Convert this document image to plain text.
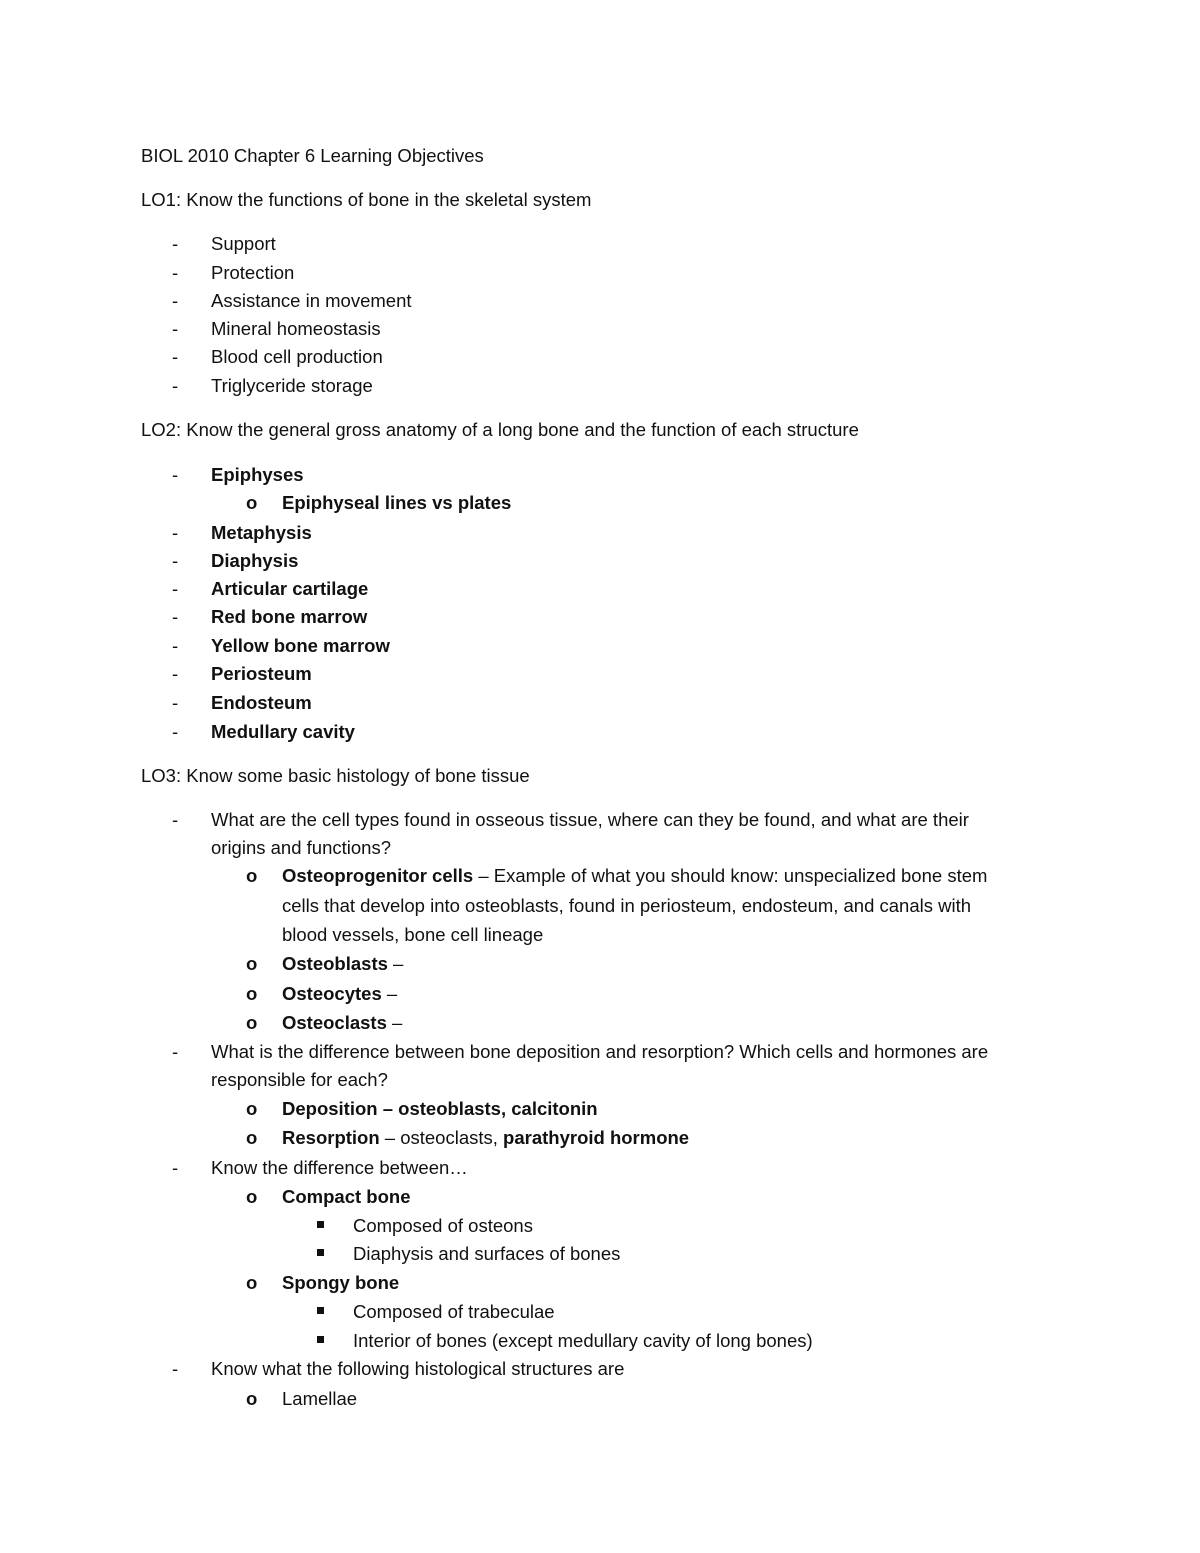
BIOL 2010 Chapter 6 Learning Objectives
LO1: Know the functions of bone in the skeletal system
- Support
- Protection
- Assistance in movement
- Mineral homeostasis
- Blood cell production
- Triglyceride storage
LO2: Know the general gross anatomy of a long bone and the function of each structure
- Epiphyses
o Epiphyseal lines vs plates
- Metaphysis
- Diaphysis
- Articular cartilage
- Red bone marrow
- Yellow bone marrow
- Periosteum
- Endosteum
- Medullary cavity
LO3: Know some basic histology of bone tissue
- What are the cell types found in osseous tissue, where can they be found, and what are their
origins and functions?
o Osteoprogenitor cells – Example of what you should know: unspecialized bone stem
cells that develop into osteoblasts, found in periosteum, endosteum, and canals with
blood vessels, bone cell lineage
o Osteoblasts –
o Osteocytes –
o Osteoclasts –
- What is the difference between bone deposition and resorption? Which cells and hormones are
responsible for each?
o Deposition – osteoblasts, calcitonin
o Resorption – osteoclasts, parathyroid hormone
- Know the difference between…
o Compact bone
Composed of osteons
Diaphysis and surfaces of bones
o Spongy bone
Composed of trabeculae
Interior of bones (except medullary cavity of long bones)
- Know what the following histological structures are
o Lamellae
